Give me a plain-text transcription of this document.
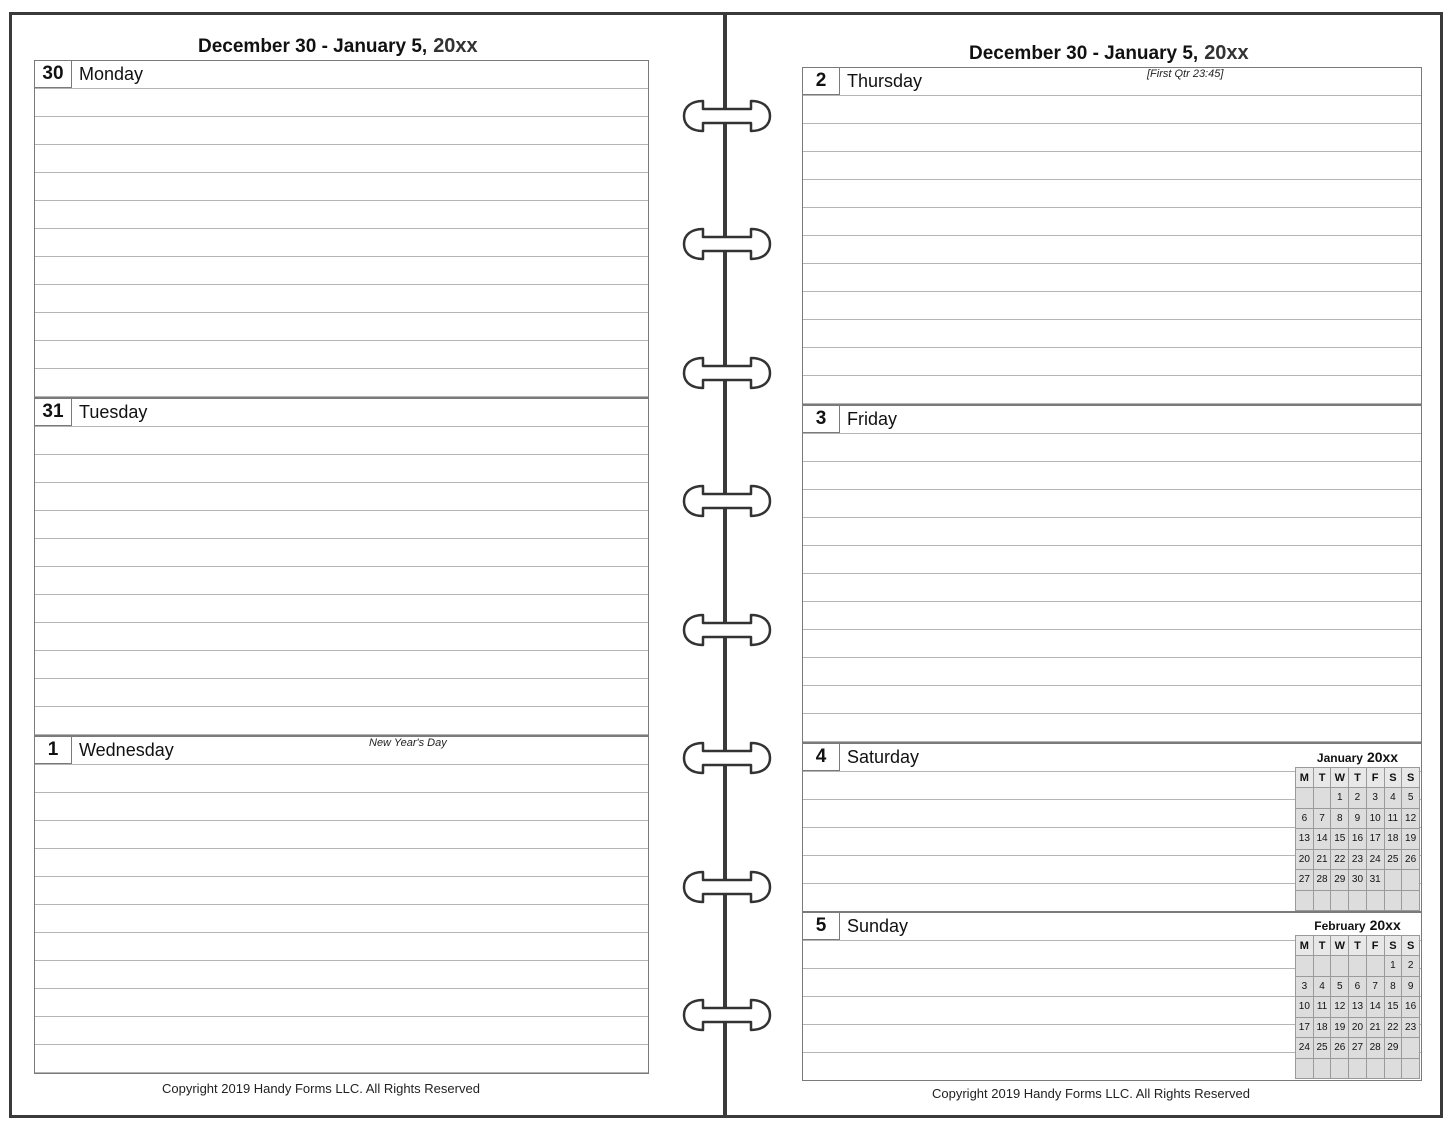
December 30 - January 5, 20xx
30 Monday
31 Tuesday
1	Wednesday	New Year's Day
Copyright 2019 Handy Forms LLC. All Rights Reserved
December 30 - January 5, 20xx
2	Thursday	[First Qtr 23:45]
3	Friday
4	Saturday	January 20xx
M	T	W	T	F	S	S
		1	2	3	4	5
6	7	8	9	10	11	12
13	14	15	16	17	18	19
20	21	22	23	24	25	26
27	28	29	30	31		

5	Sunday	February 20xx
M	T	W	T	F	S	S
					1	2
3	4	5	6	7	8	9
10	11	12	13	14	15	16
17	18	19	20	21	22	23
24	25	26	27	28	29	

Copyright 2019 Handy Forms LLC. All Rights Reserved
